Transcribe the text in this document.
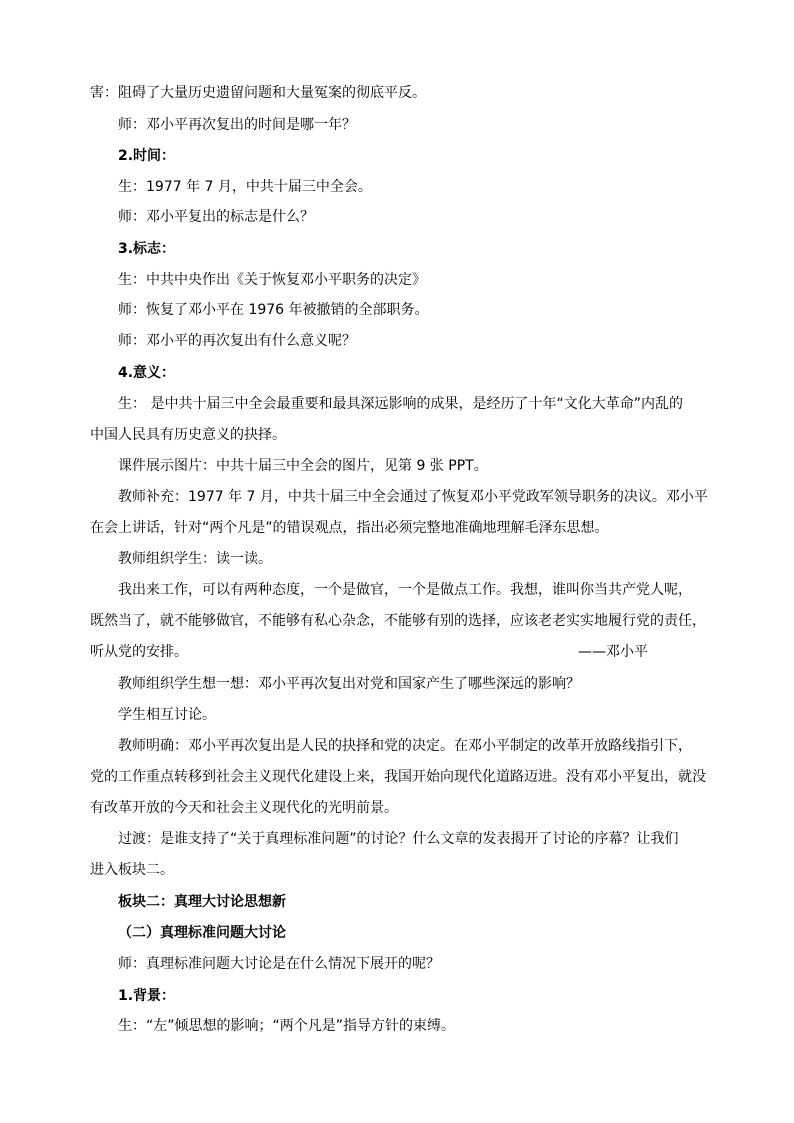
害：阻碍了大量历史遗留问题和大量冤案的彻底平反。
师：邓小平再次复出的时间是哪一年？
2.时间：
生：1977 年 7 月，中共十届三中全会。
师：邓小平复出的标志是什么？
3.标志：
生：中共中央作出《关于恢复邓小平职务的决定》
师：恢复了邓小平在 1976 年被撤销的全部职务。
师：邓小平的再次复出有什么意义呢？
4.意义：
生： 是中共十届三中全会最重要和最具深远影响的成果，是经历了十年“文化大革命”内乱的
中国人民具有历史意义的抉择。
课件展示图片：中共十届三中全会的图片，见第 9 张 PPT。
教师补充：1977 年 7 月，中共十届三中全会通过了恢复邓小平党政军领导职务的决议。邓小平
在会上讲话，针对“两个凡是”的错误观点，指出必须完整地准确地理解毛泽东思想。
教师组织学生：读一读。
我出来工作，可以有两种态度，一个是做官，一个是做点工作。我想，谁叫你当共产党人呢，
既然当了，就不能够做官，不能够有私心杂念，不能够有别的选择，应该老老实实地履行党的责任，
听从党的安排。	——邓小平
教师组织学生想一想：邓小平再次复出对党和国家产生了哪些深远的影响？
学生相互讨论。
教师明确：邓小平再次复出是人民的抉择和党的决定。在邓小平制定的改革开放路线指引下，
党的工作重点转移到社会主义现代化建设上来，我国开始向现代化道路迈进。没有邓小平复出，就没
有改革开放的今天和社会主义现代化的光明前景。
过渡：是谁支持了“关于真理标准问题”的讨论？什么文章的发表揭开了讨论的序幕？让我们
进入板块二。
板块二：真理大讨论思想新
（二）真理标准问题大讨论
师：真理标准问题大讨论是在什么情况下展开的呢？
1.背景：
生：“左”倾思想的影响；“两个凡是”指导方针的束缚。
